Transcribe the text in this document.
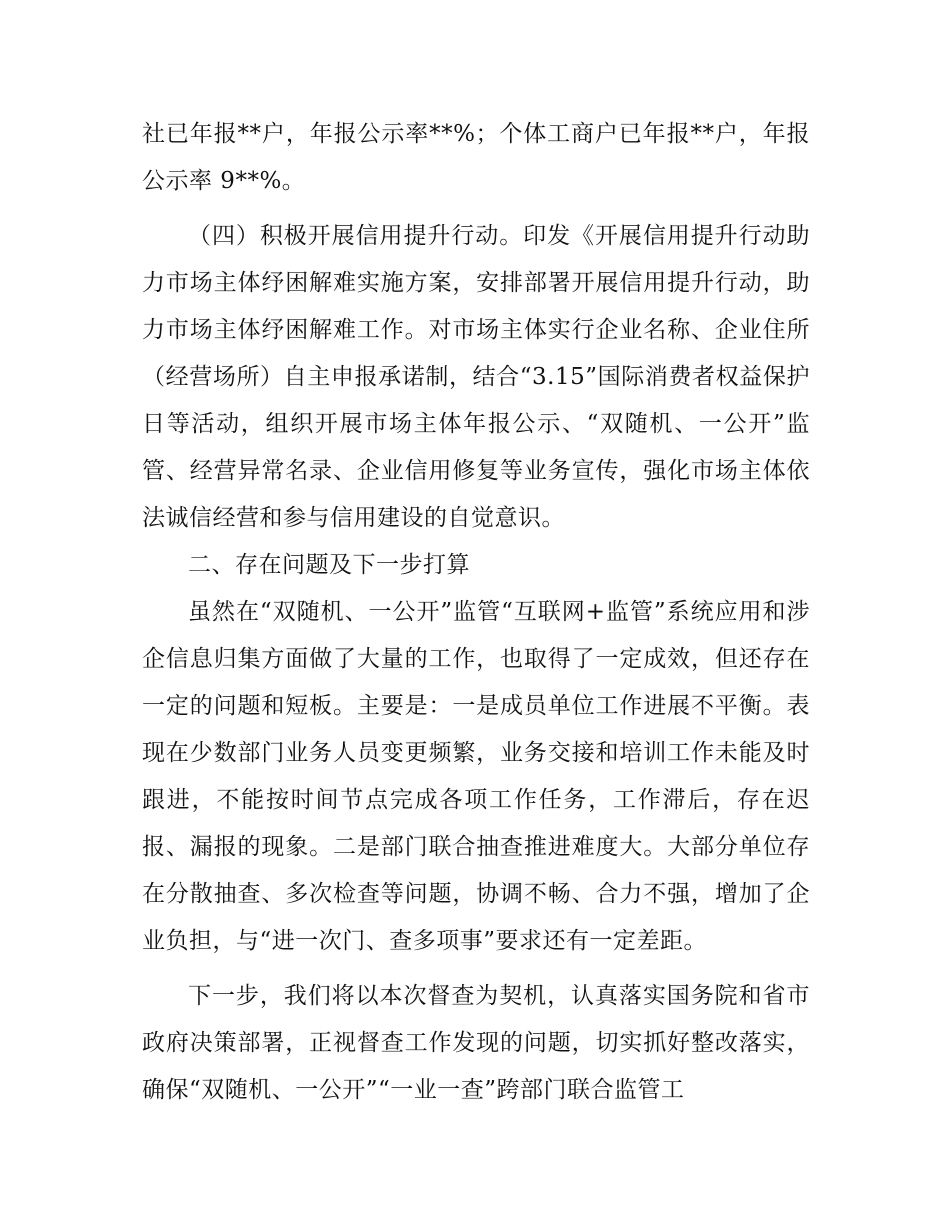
社已年报**户，年报公示率**%；个体工商户已年报**户，年报公示率 9**%。

（四）积极开展信用提升行动。印发《开展信用提升行动助力市场主体纾困解难实施方案，安排部署开展信用提升行动，助力市场主体纾困解难工作。对市场主体实行企业名称、企业住所（经营场所）自主申报承诺制，结合“3.15”国际消费者权益保护日等活动，组织开展市场主体年报公示、“双随机、一公开”监管、经营异常名录、企业信用修复等业务宣传，强化市场主体依法诚信经营和参与信用建设的自觉意识。

二、存在问题及下一步打算

虽然在“双随机、一公开”监管“互联网+监管”系统应用和涉企信息归集方面做了大量的工作，也取得了一定成效，但还存在一定的问题和短板。主要是：一是成员单位工作进展不平衡。表现在少数部门业务人员变更频繁，业务交接和培训工作未能及时跟进，不能按时间节点完成各项工作任务，工作滞后，存在迟报、漏报的现象。二是部门联合抽查推进难度大。大部分单位存在分散抽查、多次检查等问题，协调不畅、合力不强，增加了企业负担，与“进一次门、查多项事”要求还有一定差距。

下一步，我们将以本次督查为契机，认真落实国务院和省市政府决策部署，正视督查工作发现的问题，切实抓好整改落实，确保“双随机、一公开”“一业一查”跨部门联合监管工
